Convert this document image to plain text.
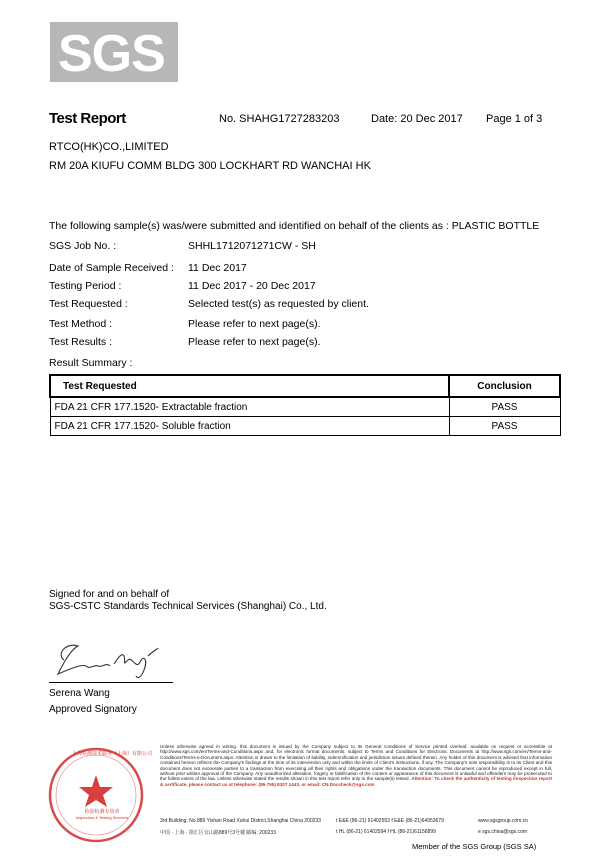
SGS
Test Report	No. SHAHG1727283203	Date: 20 Dec 2017 Page 1 of 3
RTCO(HK)CO.,LIMITED
RM 20A KIUFU COMM BLDG 300 LOCKHART RD WANCHAI HK
The following sample(s) was/were submitted and identified on behalf of the clients as : PLASTIC BOTTLE
SGS Job No. :	SHHL1712071271CW - SH
Date of Sample Received : 11 Dec 2017
Testing Period :	11 Dec 2017 - 20 Dec 2017
Test Requested :	Selected test(s) as requested by client.
Test Method :	Please refer to next page(s).
Test Results :	Please refer to next page(s).
Result Summary :
Test Requested	Conclusion
FDA 21 CFR 177.1520- Extractable fraction	PASS
FDA 21 CFR 177.1520- Soluble fraction	PASS
Signed for and on behalf of
SGS-CSTC Standards Technical Services (Shanghai) Co., Ltd.
Serena Wang
Approved Signatory
上海检测技术服务（上海）有限公司
检验检测专用章
Inspection & Testing Services
Unless otherwise agreed in writing, this document is issued by the Company subject to its General Conditions of Service printed overleaf, available on request or accessible at http://www.sgs.com/en/Terms-and-Conditions.aspx and, for electronic format documents, subject to Terms and Conditions for Electronic Documents at http://www.sgs.com/en/Terms-and-Conditions/Terms-e-Document.aspx. Attention is drawn to the limitation of liability, indemnification and jurisdiction issues defined therein. Any holder of this document is advised that information contained hereon reflects the Company's findings at the time of its intervention only and within the limits of Client's instructions, if any. The Company's sole responsibility is to its Client and this document does not exonerate parties to a transaction from exercising all their rights and obligations under the transaction documents. This document cannot be reproduced except in full, without prior written approval of the Company. Any unauthorized alteration, forgery or falsification of the content or appearance of this document is unlawful and offenders may be prosecuted to the fullest extent of the law. Unless otherwise stated the results shown in this test report refer only to the sample(s) tested. Attention: To check the authenticity of testing /inspection report & certificate, please contact us at telephone: (86-755) 8307 1443, or email: CN.Doccheck@sgs.com
3rd Building, No.889 Yishan Road Xuhui District,Shanghai China 200233
中国 · 上海 · 徐汇区宜山路889号3号楼 邮编: 200233
t E&E (86-21) 61402553 f E&E (86-21)64953679
t HL (86-21) 61402594 f HL (86-21)61156899
www.sgsgroup.com.cn
e sgs.china@sgs.com
Member of the SGS Group (SGS SA)
